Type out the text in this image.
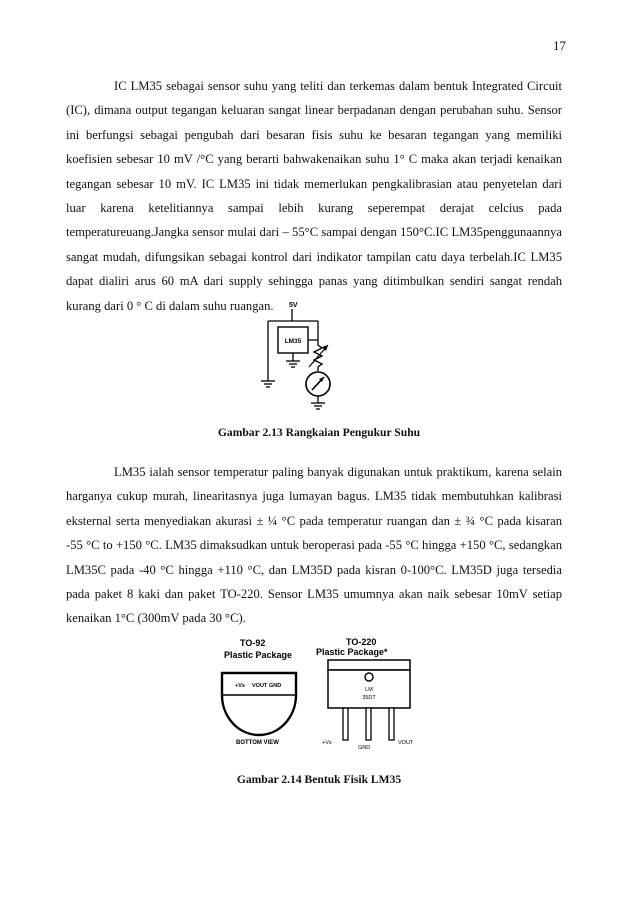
17

IC LM35 sebagai sensor suhu yang teliti dan terkemas dalam bentuk Integrated Circuit (IC), dimana output tegangan keluaran sangat linear berpadanan dengan perubahan suhu. Sensor ini berfungsi sebagai pengubah dari besaran fisis suhu ke besaran tegangan yang memiliki koefisien sebesar 10 mV /°C yang berarti bahwakenaikan suhu 1° C maka akan terjadi kenaikan tegangan sebesar 10 mV. IC LM35 ini tidak memerlukan pengkalibrasian atau penyetelan dari luar karena ketelitiannya sampai lebih kurang seperempat derajat celcius pada temperatureuang.Jangka sensor mulai dari – 55°C sampai dengan 150°C.IC LM35penggunaannya sangat mudah, difungsikan sebagai kontrol dari indikator tampilan catu daya terbelah.IC LM35 dapat dialiri arus 60 mA dari supply sehingga panas yang ditimbulkan sendiri sangat rendah kurang dari 0 ° C di dalam suhu ruangan.	5V
LM35
Gambar 2.13 Rangkaian Pengukur Suhu

LM35 ialah sensor temperatur paling banyak digunakan untuk praktikum, karena selain harganya cukup murah, linearitasnya juga lumayan bagus. LM35 tidak membutuhkan kalibrasi eksternal serta menyediakan akurasi ± ¼ °C pada temperatur ruangan dan ± ¾ °C pada kisaran -55 °C to +150 °C. LM35 dimaksudkan untuk beroperasi pada -55 °C hingga +150 °C, sedangkan LM35C pada -40 °C hingga +110 °C, dan LM35D pada kisran 0-100°C. LM35D juga tersedia pada paket 8 kaki dan paket TO-220. Sensor LM35 umumnya akan naik sebesar 10mV setiap kenaikan 1°C (300mV pada 30 °C).

TO-92
Plastic Package
+Vs VOUT GND
BOTTOM VIEW
TO-220
Plastic Package*
LM
35DT
+Vs
GND
VOUT
Gambar 2.14 Bentuk Fisik LM35
